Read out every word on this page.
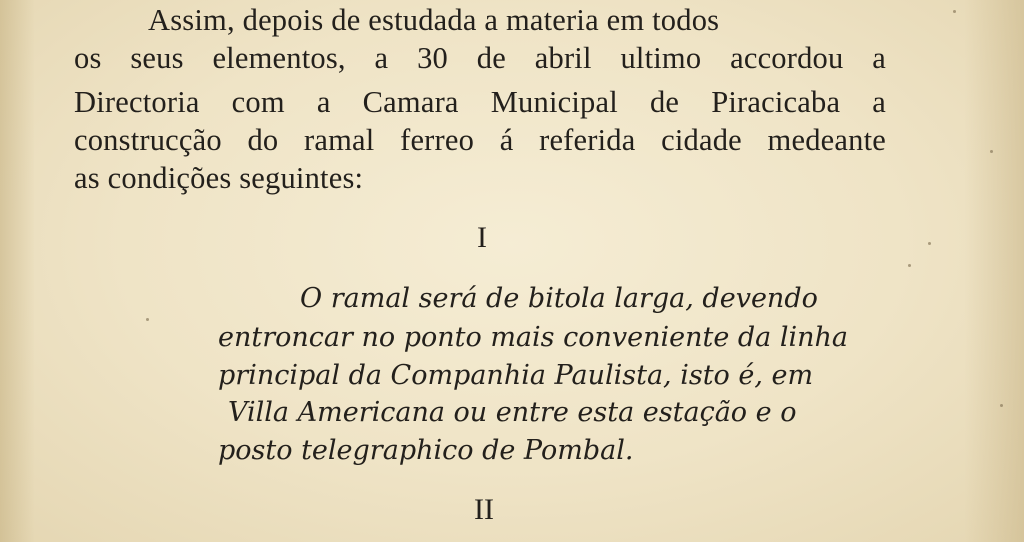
Assim, depois de estudada a materia em todos
os seus elementos, a 30 de abril ultimo accordou a
Directoria com a Camara Municipal de Piracicaba a
construcção do ramal ferreo á referida cidade medeante
as condições seguintes:
I
O ramal será de bitola larga, devendo
entroncar no ponto mais conveniente da linha
principal da Companhia Paulista, isto é, em
Villa Americana ou entre esta estação e o
posto telegraphico de Pombal.
II
